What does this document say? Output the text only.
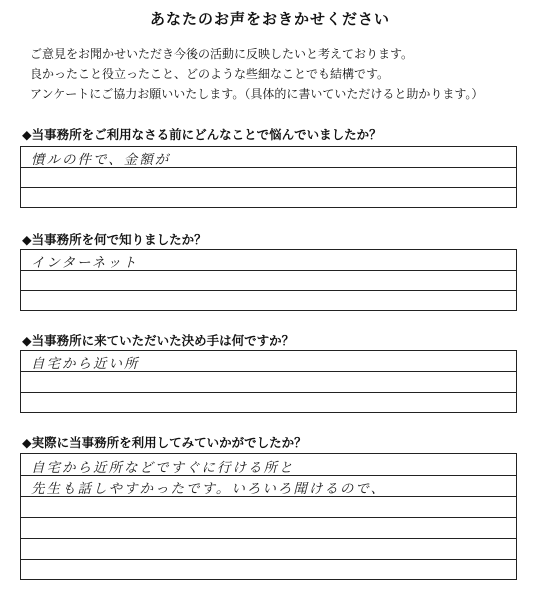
あなたのお声をおきかせください
ご意見をお聞かせいただき今後の活動に反映したいと考えております。
良かったこと役立ったこと、どのような些細なことでも結構です。
アンケートにご協力お願いいたします。（具体的に書いていただけると助かります。）
◆当事務所をご利用なさる前にどんなことで悩んでいましたか？
憤ルの件で、金額が
◆当事務所を何で知りましたか？
インターネット
◆当事務所に来ていただいた決め手は何ですか？
自宅から近い所
◆実際に当事務所を利用してみていかがでしたか？
自宅から近所などですぐに行ける所と
先生も話しやすかったです。いろいろ聞けるので、
